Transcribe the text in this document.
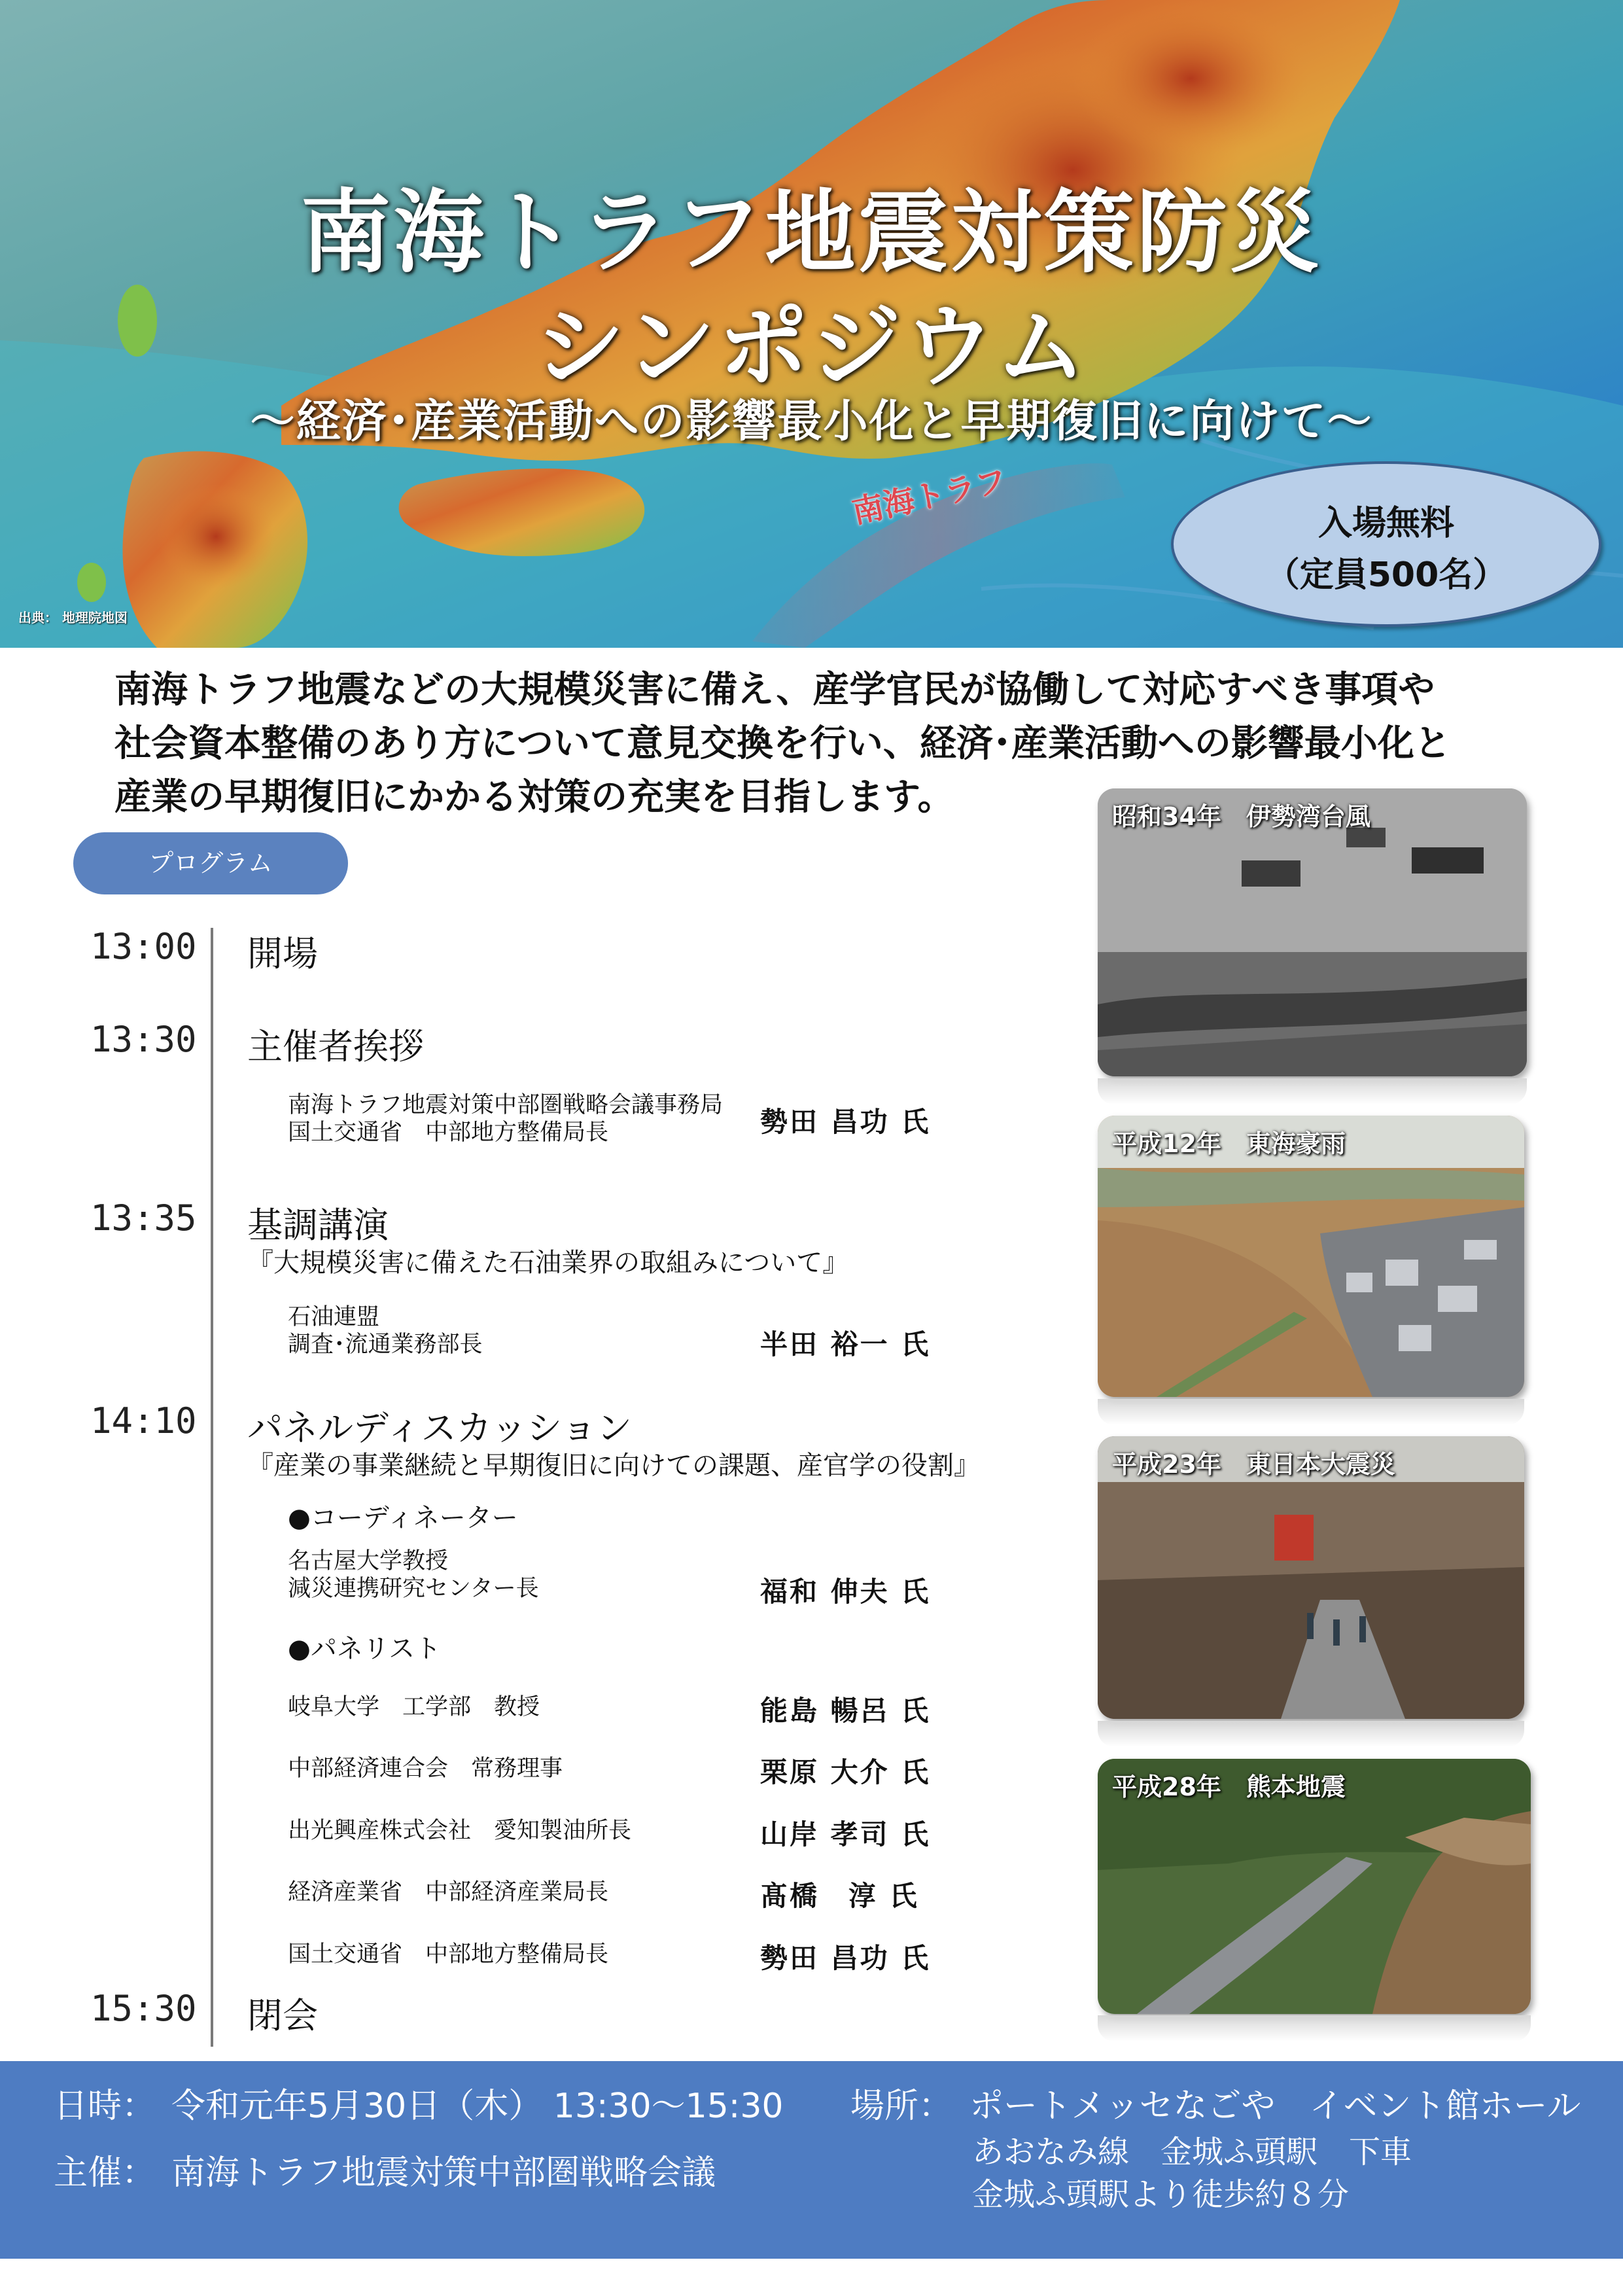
南海トラフ地震対策防災
シンポジウム
～経済･産業活動への影響最小化と早期復旧に向けて～
南海トラフ
出典： 地理院地図
入場無料
（定員500名）
南海トラフ地震などの大規模災害に備え、産学官民が協働して対応すべき事項や
社会資本整備のあり方について意見交換を行い、経済･産業活動への影響最小化と
産業の早期復旧にかかる対策の充実を目指します。
プログラム
13:00 開場
13:30 主催者挨拶
南海トラフ地震対策中部圏戦略会議事務局
国土交通省　中部地方整備局長	勢田 昌功 氏
13:35 基調講演
『大規模災害に備えた石油業界の取組みについて』
石油連盟
調査･流通業務部長	半田 裕一 氏
14:10 パネルディスカッション
『産業の事業継続と早期復旧に向けての課題、産官学の役割』
●コーディネーター
名古屋大学教授
減災連携研究センター長	福和 伸夫 氏
●パネリスト
岐阜大学　工学部　教授	能島 暢呂 氏
中部経済連合会　常務理事	栗原 大介 氏
出光興産株式会社　愛知製油所長	山岸 孝司 氏
経済産業省　中部経済産業局長	髙橋　淳 氏
国土交通省　中部地方整備局長	勢田 昌功 氏
15:30 閉会
昭和34年　伊勢湾台風
平成12年　東海豪雨
平成23年　東日本大震災
平成28年　熊本地震
日時： 令和元年5月30日（木） 13:30～15:30 場所： ポートメッセなごや　イベント館ホール
あおなみ線　金城ふ頭駅　下車
金城ふ頭駅より徒歩約８分
主催： 南海トラフ地震対策中部圏戦略会議
